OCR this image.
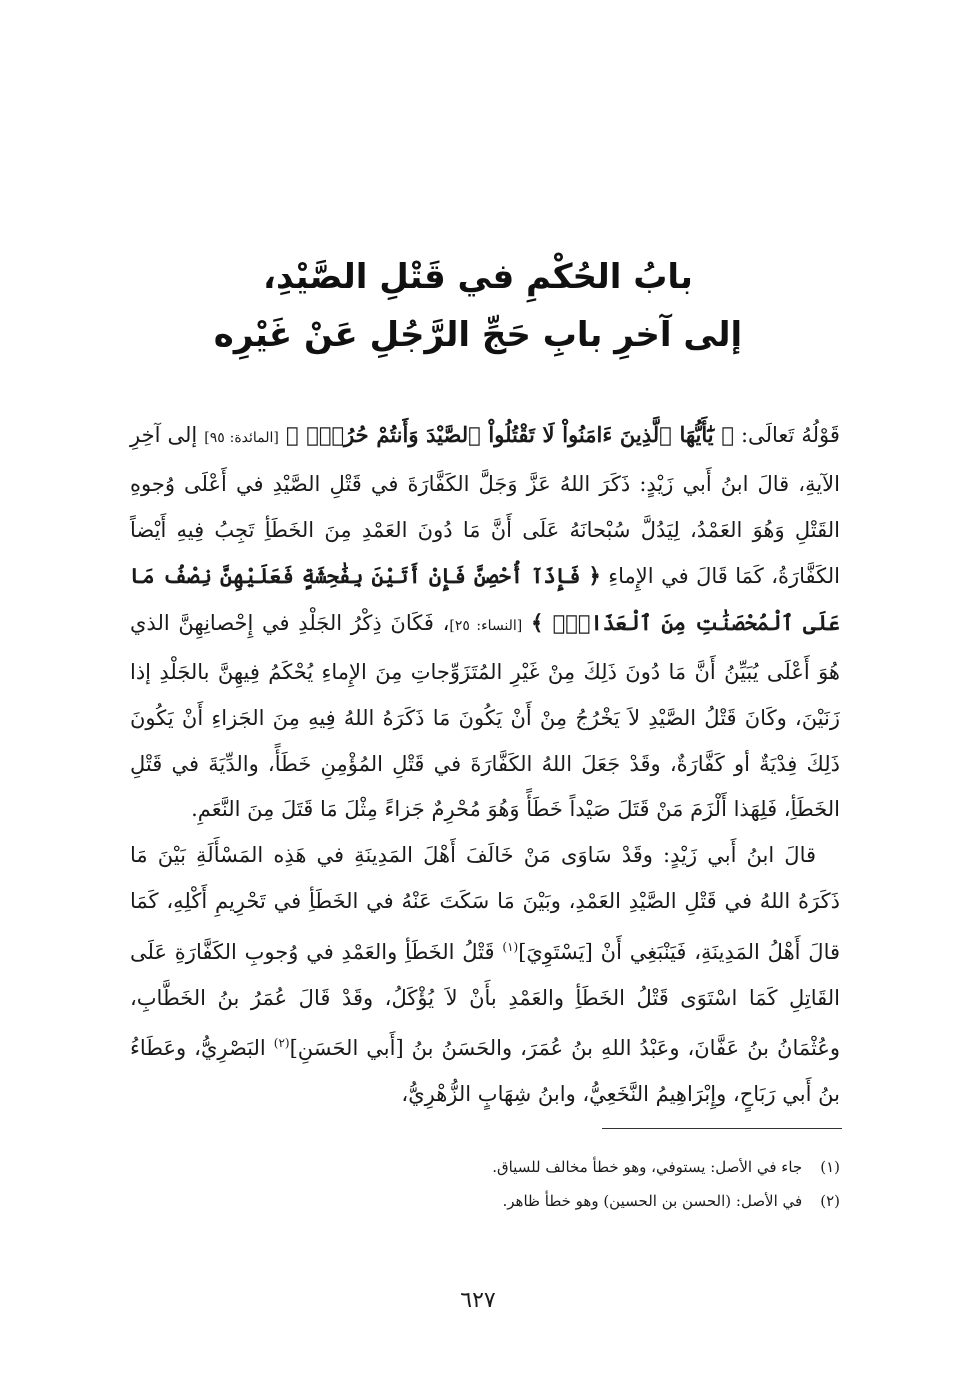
بابُ الحُكْمِ في قَتْلِ الصَّيْدِ،
إلى آخرِ بابِ حَجِّ الرَّجُلِ عَنْ غَيْرِه

قَوْلُهُ تَعالَى: ﴿ يَٰٓأَيُّهَا ٱلَّذِينَ ءَامَنُواْ لَا تَقْتُلُواْ ٱلصَّيْدَ وَأَنتُمْ حُرُمٌۚ ﴾ [المائدة: ٩٥] إلى آخِرِ الآيةِ، قالَ ابنُ أَبي زَيْدٍ: ذَكَرَ اللهُ عَزَّ وَجَلَّ الكَفَّارَةَ في قَتْلِ الصَّيْدِ في أَعْلَى وُجوهِ القَتْلِ وَهُوَ العَمْدُ، لِيَدُلَّ سُبْحانَهُ عَلَى أَنَّ مَا دُونَ العَمْدِ مِنَ الخَطَأِ تَجِبُ فِيهِ أَيْضاً الكَفَّارَةُ، كَمَا قَالَ في الإِماءِ ﴿ فَإِذَآ أُحْصِنَّ فَإِنْ أَتَيْنَ بِفَٰحِشَةٍ فَعَلَيْهِنَّ نِصْفُ مَا عَلَى ٱلْمُحْصَنَٰتِ مِنَ ٱلْعَذَابِۚ ﴾ [النساء: ٢٥]، فَكَانَ ذِكْرُ الجَلْدِ في إِحْصانِهِنَّ الذي هُوَ أَعْلَى يُبَيِّنُ أَنَّ مَا دُونَ ذَلِكَ مِنْ غَيْرِ المُتَزَوِّجاتِ مِنَ الإِماءِ يُحْكَمُ فِيهِنَّ بالجَلْدِ إذا زَنَيْنَ، وكَانَ قَتْلُ الصَّيْدِ لاَ يَخْرُجُ مِنْ أَنْ يَكُونَ مَا ذَكَرَهُ اللهُ فِيهِ مِنَ الجَزاءِ أَنْ يَكُونَ ذَلِكَ فِدْيَةٌ أو كَفَّارَةٌ، وقَدْ جَعَلَ اللهُ الكَفَّارَةَ في قَتْلِ المُؤْمِنِ خَطَأً، والدِّيَةَ في قَتْلِ الخَطَأِ، فَلِهَذا أَلْزَمَ مَنْ قَتَلَ صَيْداً خَطَأً وَهُوَ مُحْرِمٌ جَزاءً مِثْلَ مَا قَتَلَ مِنَ النَّعَمِ.

قالَ ابنُ أَبي زَيْدٍ: وقَدْ سَاوَى مَنْ خَالَفَ أَهْلَ المَدِينَةِ في هَذِه المَسْأَلَةِ بَيْنَ مَا ذَكَرَهُ اللهُ في قَتْلِ الصَّيْدِ العَمْدِ، وبَيْنَ مَا سَكَتَ عَنْهُ في الخَطَأِ في تَحْرِيمِ أَكْلِهِ، كَمَا قالَ أَهْلُ المَدِينَةِ، فَيَنْبَغِي أَنْ [يَسْتَوِيَ]$^{(١)}$ قَتْلُ الخَطَأِ والعَمْدِ في وُجوبِ الكَفَّارَةِ عَلَى القَاتِلِ كَمَا اسْتَوَى قَتْلُ الخَطَأِ والعَمْدِ بأَنْ لاَ يُؤْكَلُ، وقَدْ قَالَ عُمَرُ بنُ الخَطَّابِ، وعُثْمَانُ بنُ عَفَّانَ، وعَبْدُ اللهِ بنُ عُمَرَ، والحَسَنُ بنُ [أَبي الحَسَنِ]$^{(٢)}$ البَصْرِيُّ، وعَطَاءُ بنُ أَبي رَبَاحٍ، وإِبْرَاهِيمُ النَّخَعِيُّ، وابنُ شِهَابٍ الزُّهْرِيُّ،

(١)
جاء في الأصل: يستوفي، وهو خطأ مخالف للسياق.
(٢)
في الأصل: (الحسن بن الحسين) وهو خطأ ظاهر.
٦٢٧
